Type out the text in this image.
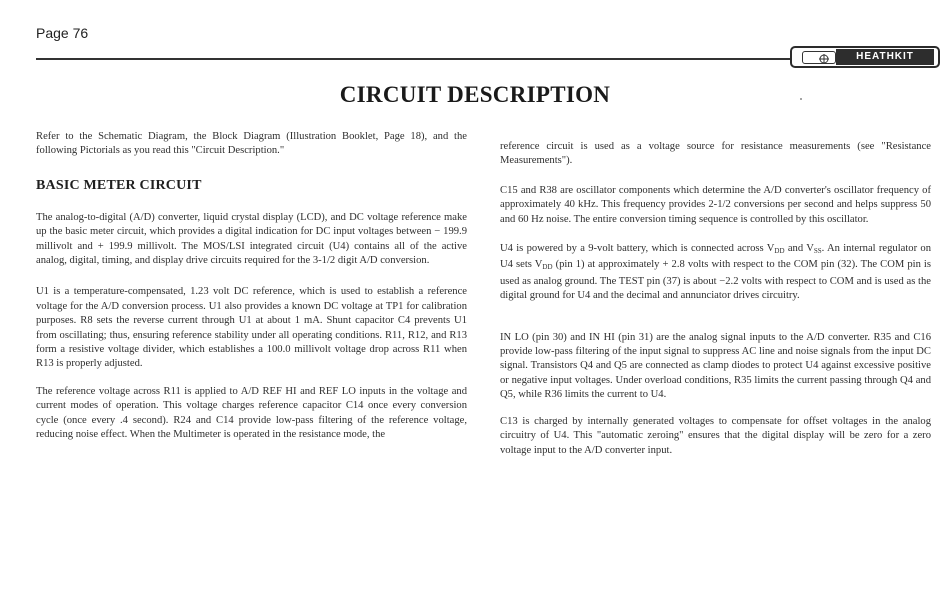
Page 76
HEATHKIT
CIRCUIT DESCRIPTION

Refer to the Schematic Diagram, the Block Diagram (Illustration Booklet, Page 18), and the following Pictorials as you read this "Circuit Description."

BASIC METER CIRCUIT

The analog-to-digital (A/D) converter, liquid crystal display (LCD), and DC voltage reference make up the basic meter circuit, which provides a digital indication for DC input voltages between − 199.9 millivolt and + 199.9 millivolt. The MOS/LSI integrated circuit (U4) contains all of the active analog, digital, timing, and display drive circuits required for the 3-1/2 digit A/D conversion.

U1 is a temperature-compensated, 1.23 volt DC reference, which is used to establish a reference voltage for the A/D conversion process. U1 also provides a known DC voltage at TP1 for calibration purposes. R8 sets the reverse current through U1 at about 1 mA. Shunt capacitor C4 prevents U1 from oscillating; thus, ensuring reference stability under all operating conditions. R11, R12, and R13 form a resistive voltage divider, which establishes a 100.0 millivolt voltage drop across R11 when R13 is properly adjusted.

The reference voltage across R11 is applied to A/D REF HI and REF LO inputs in the voltage and current modes of operation. This voltage charges reference capacitor C14 once every conversion cycle (once every .4 second). R24 and C14 provide low-pass filtering of the reference voltage, reducing noise effect. When the Multimeter is operated in the resistance mode, the

reference circuit is used as a voltage source for resistance measurements (see "Resistance Measurements").

C15 and R38 are oscillator components which determine the A/D converter's oscillator frequency of approximately 40 kHz. This frequency provides 2-1/2 conversions per second and helps suppress 50 and 60 Hz noise. The entire conversion timing sequence is controlled by this oscillator.

U4 is powered by a 9-volt battery, which is connected across $V_{DD}$ and $V_{SS}$. An internal regulator on U4 sets $V_{DD}$ (pin 1) at approximately + 2.8 volts with respect to the COM pin (32). The COM pin is used as analog ground. The TEST pin (37) is about −2.2 volts with respect to COM and is used as the digital ground for U4 and the decimal and annunciator drives circuitry.

IN LO (pin 30) and IN HI (pin 31) are the analog signal inputs to the A/D converter. R35 and C16 provide low-pass filtering of the input signal to suppress AC line and noise signals from the input DC signal. Transistors Q4 and Q5 are connected as clamp diodes to protect U4 against excessive positive or negative input voltages. Under overload conditions, R35 limits the current passing through Q4 and Q5, while R36 limits the current to U4.

C13 is charged by internally generated voltages to compensate for offset voltages in the analog circuitry of U4. This "automatic zeroing" ensures that the digital display will be zero for a zero voltage input to the A/D converter input.
